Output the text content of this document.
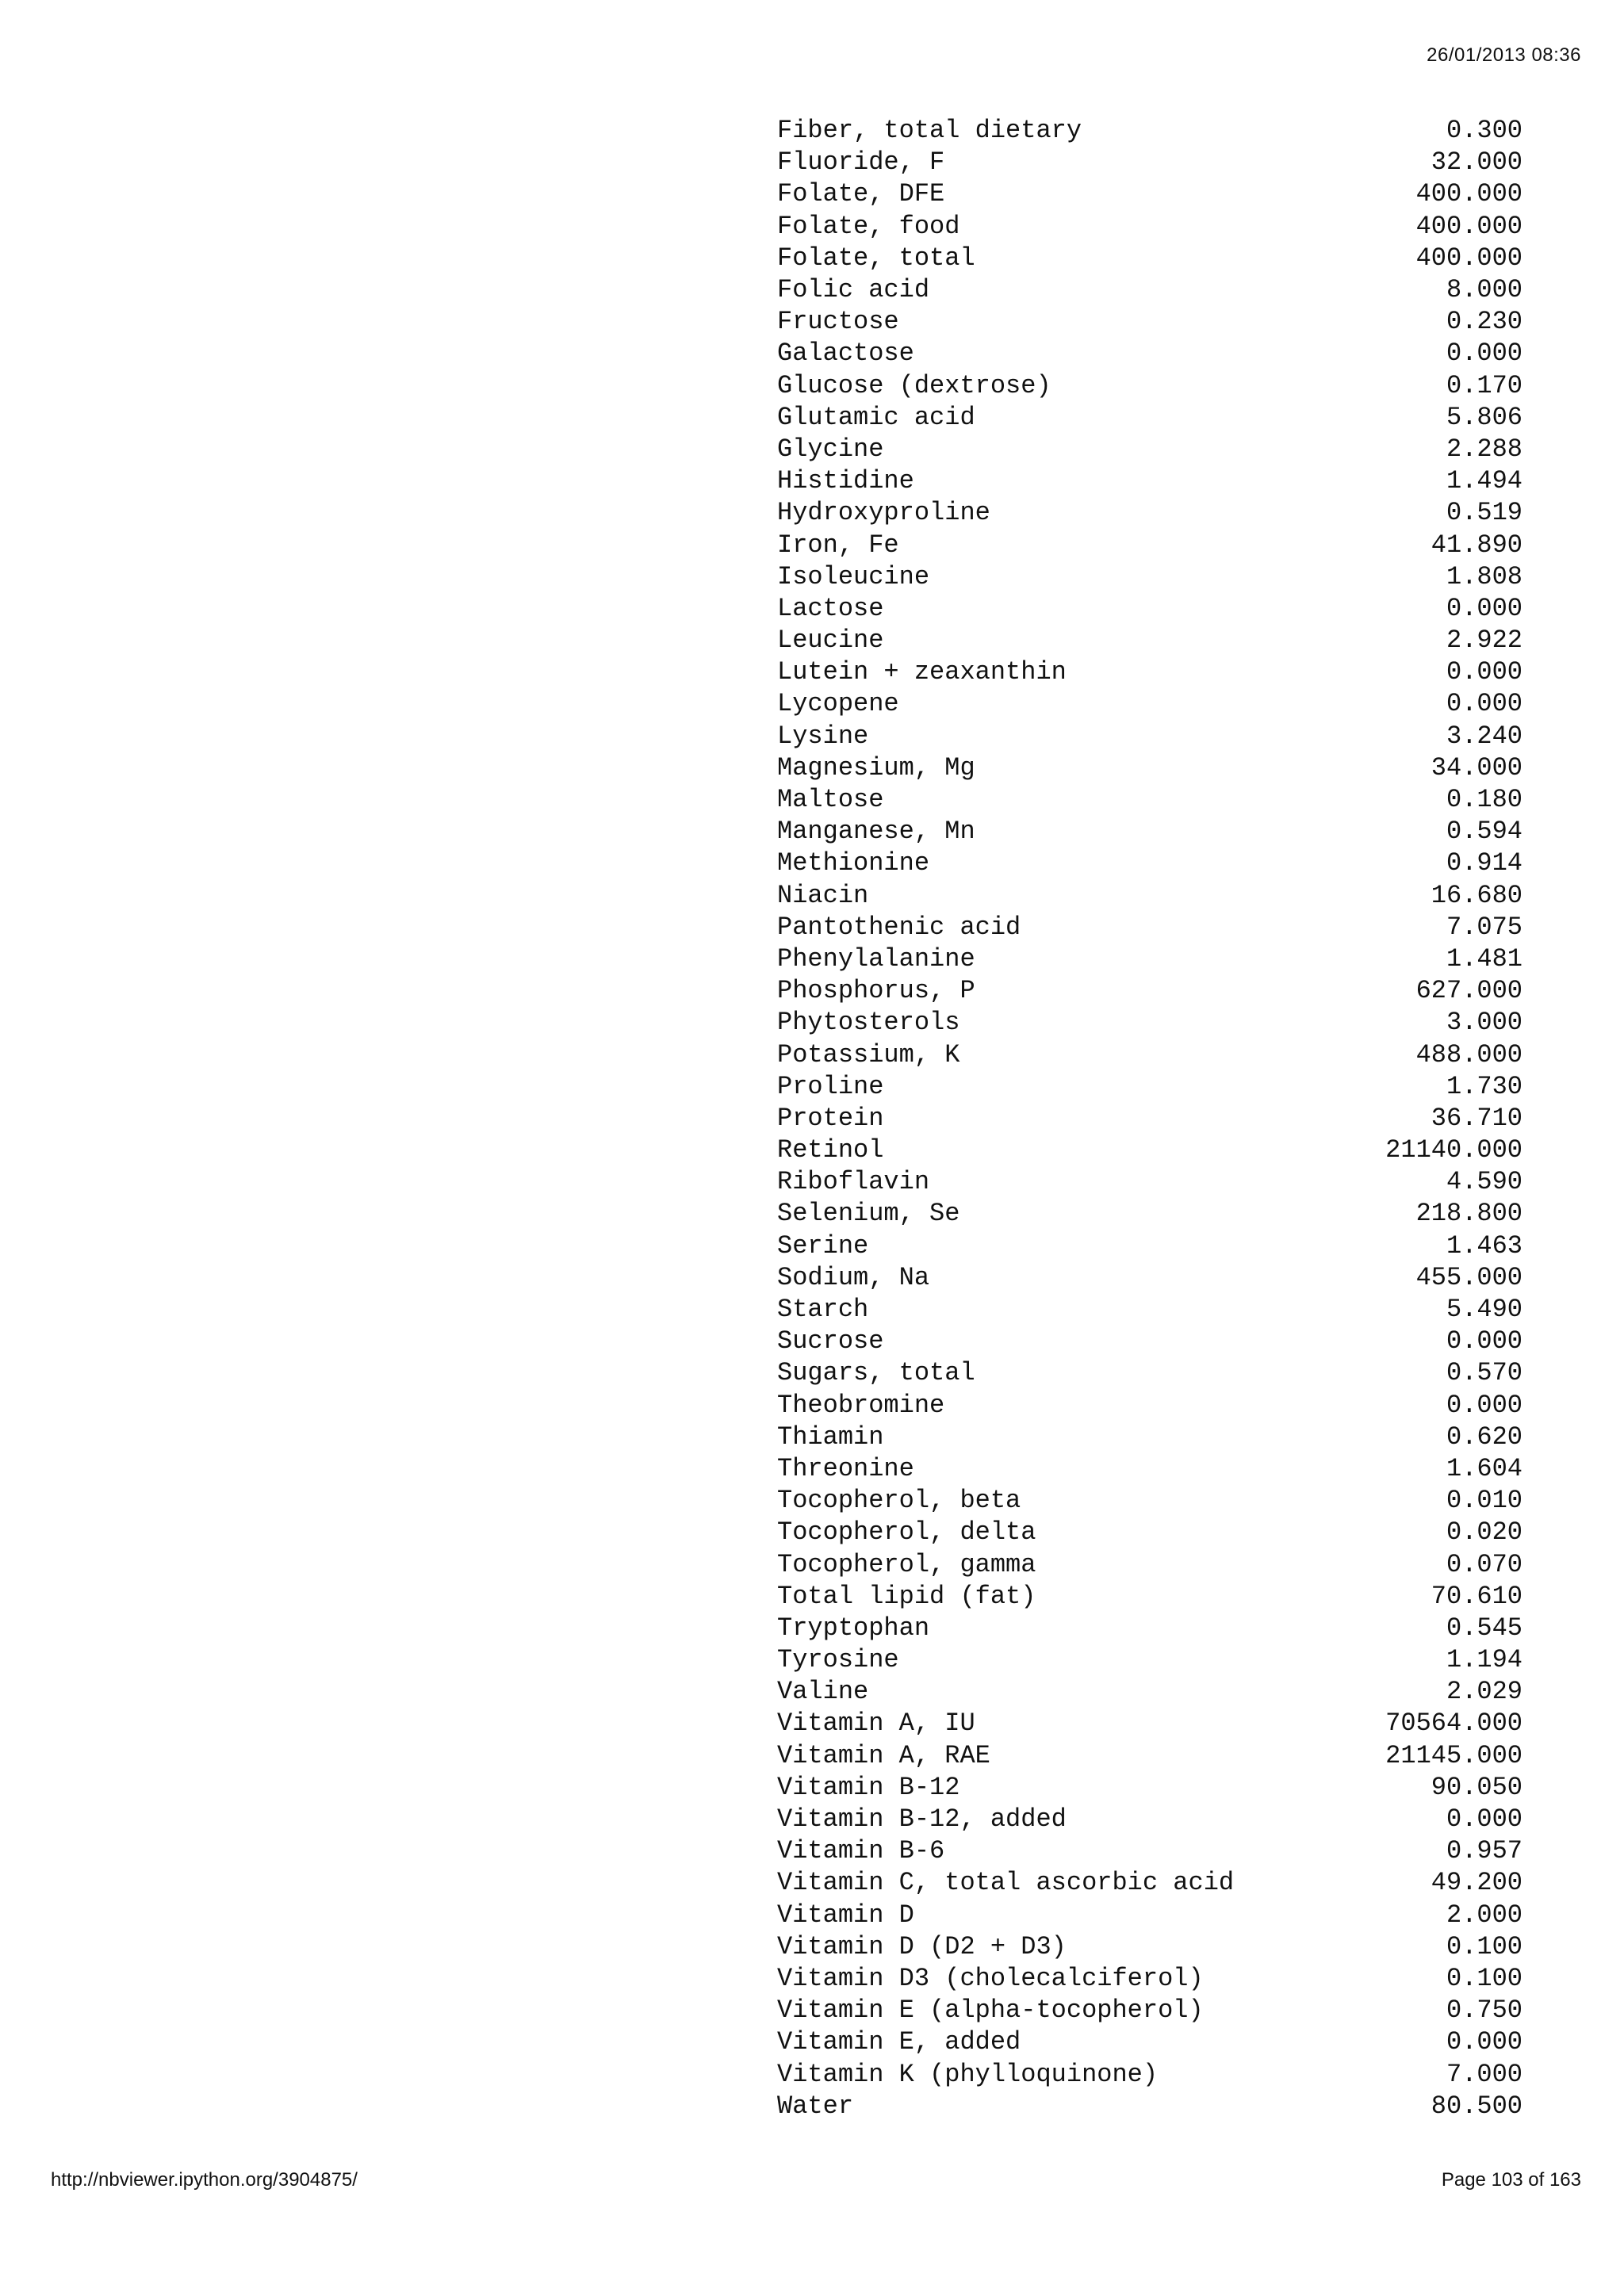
26/01/2013 08:36
Fiber, total dietary	0.300
Fluoride, F	32.000
Folate, DFE	400.000
Folate, food	400.000
Folate, total	400.000
Folic acid	8.000
Fructose	0.230
Galactose	0.000
Glucose (dextrose)	0.170
Glutamic acid	5.806
Glycine	2.288
Histidine	1.494
Hydroxyproline	0.519
Iron, Fe	41.890
Isoleucine	1.808
Lactose	0.000
Leucine	2.922
Lutein + zeaxanthin	0.000
Lycopene	0.000
Lysine	3.240
Magnesium, Mg	34.000
Maltose	0.180
Manganese, Mn	0.594
Methionine	0.914
Niacin	16.680
Pantothenic acid	7.075
Phenylalanine	1.481
Phosphorus, P	627.000
Phytosterols	3.000
Potassium, K	488.000
Proline	1.730
Protein	36.710
Retinol	21140.000
Riboflavin	4.590
Selenium, Se	218.800
Serine	1.463
Sodium, Na	455.000
Starch	5.490
Sucrose	0.000
Sugars, total	0.570
Theobromine	0.000
Thiamin	0.620
Threonine	1.604
Tocopherol, beta	0.010
Tocopherol, delta	0.020
Tocopherol, gamma	0.070
Total lipid (fat)	70.610
Tryptophan	0.545
Tyrosine	1.194
Valine	2.029
Vitamin A, IU	70564.000
Vitamin A, RAE	21145.000
Vitamin B-12	90.050
Vitamin B-12, added	0.000
Vitamin B-6	0.957
Vitamin C, total ascorbic acid	49.200
Vitamin D	2.000
Vitamin D (D2 + D3)	0.100
Vitamin D3 (cholecalciferol)	0.100
Vitamin E (alpha-tocopherol)	0.750
Vitamin E, added	0.000
Vitamin K (phylloquinone)	7.000
Water	80.500
http://nbviewer.ipython.org/3904875/	Page 103 of 163
